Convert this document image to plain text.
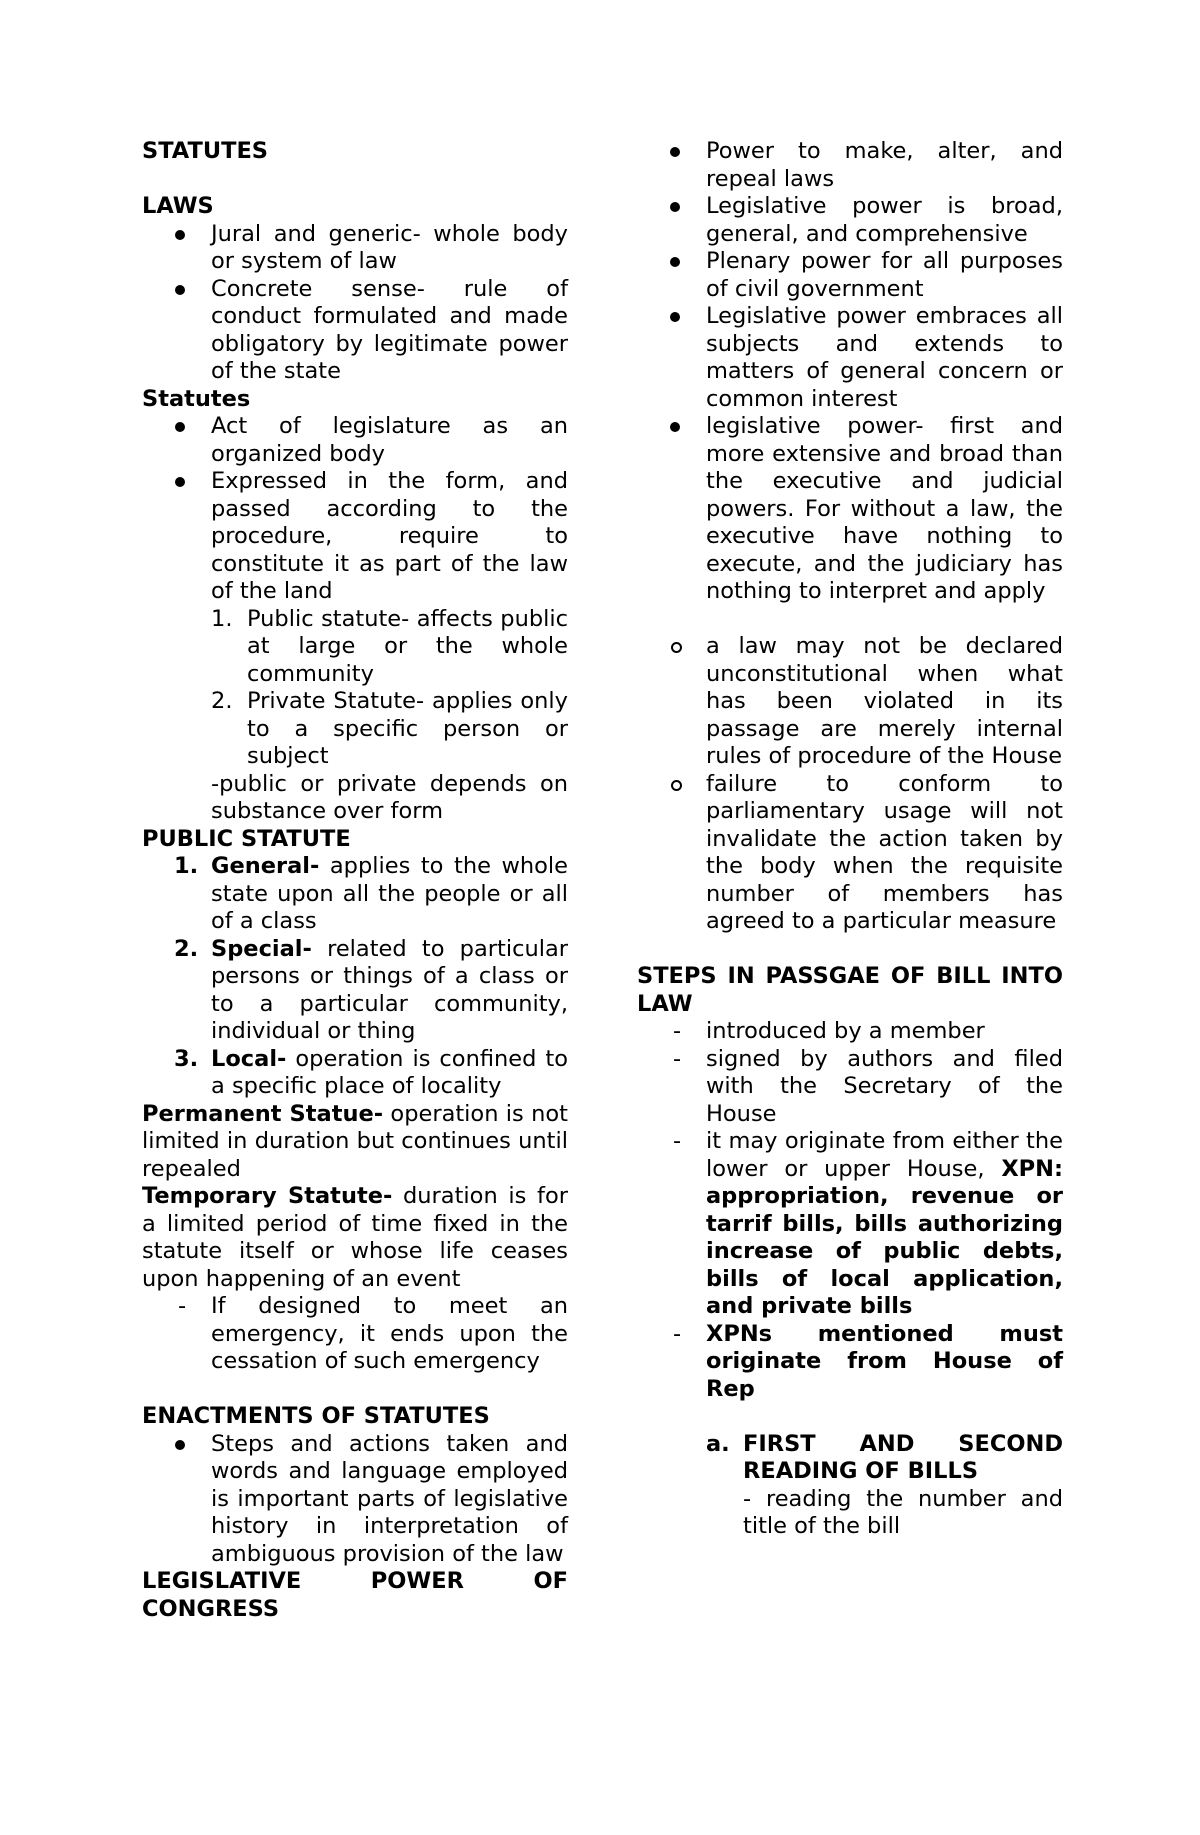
STATUTES

LAWS

Jural and generic- whole body or system of law

Concrete sense- rule of conduct formulated and made obligatory by legitimate power of the state

Statutes

Act of legislature as an organized body

Expressed in the form, and passed according to the procedure, require to constitute it as part of the law of the land

1. Public statute- affects public at large or the whole community

2. Private Statute- applies only to a specific person or subject

-public or private depends on substance over form

PUBLIC STATUTE

1. General- applies to the whole state upon all the people or all of a class

2. Special- related to particular persons or things of a class or to a particular community, individual or thing

3. Local- operation is confined to a specific place of locality

Permanent Statue- operation is not limited in duration but continues until repealed

Temporary Statute- duration is for a limited period of time fixed in the statute itself or whose life ceases upon happening of an event

- If designed to meet an emergency, it ends upon the cessation of such emergency

ENACTMENTS OF STATUTES

Steps and actions taken and words and language employed is important parts of legislative history in interpretation of ambiguous provision of the law

LEGISLATIVE POWER OF CONGRESS

Power to make, alter, and repeal laws

Legislative power is broad, general, and comprehensive

Plenary power for all purposes of civil government

Legislative power embraces all subjects and extends to matters of general concern or common interest

legislative power- first and more extensive and broad than the executive and judicial powers. For without a law, the executive have nothing to execute, and the judiciary has nothing to interpret and apply

a law may not be declared unconstitutional when what has been violated in its passage are merely internal rules of procedure of the House

failure to conform to parliamentary usage will not invalidate the action taken by the body when the requisite number of members has agreed to a particular measure

STEPS IN PASSGAE OF BILL INTO LAW

- introduced by a member

- signed by authors and filed with the Secretary of the House

- it may originate from either the lower or upper House, XPN: appropriation, revenue or tarrif bills, bills authorizing increase of public debts, bills of local application, and private bills

- XPNs mentioned must originate from House of Rep

a. FIRST AND SECOND READING OF BILLS

- reading the number and title of the bill
